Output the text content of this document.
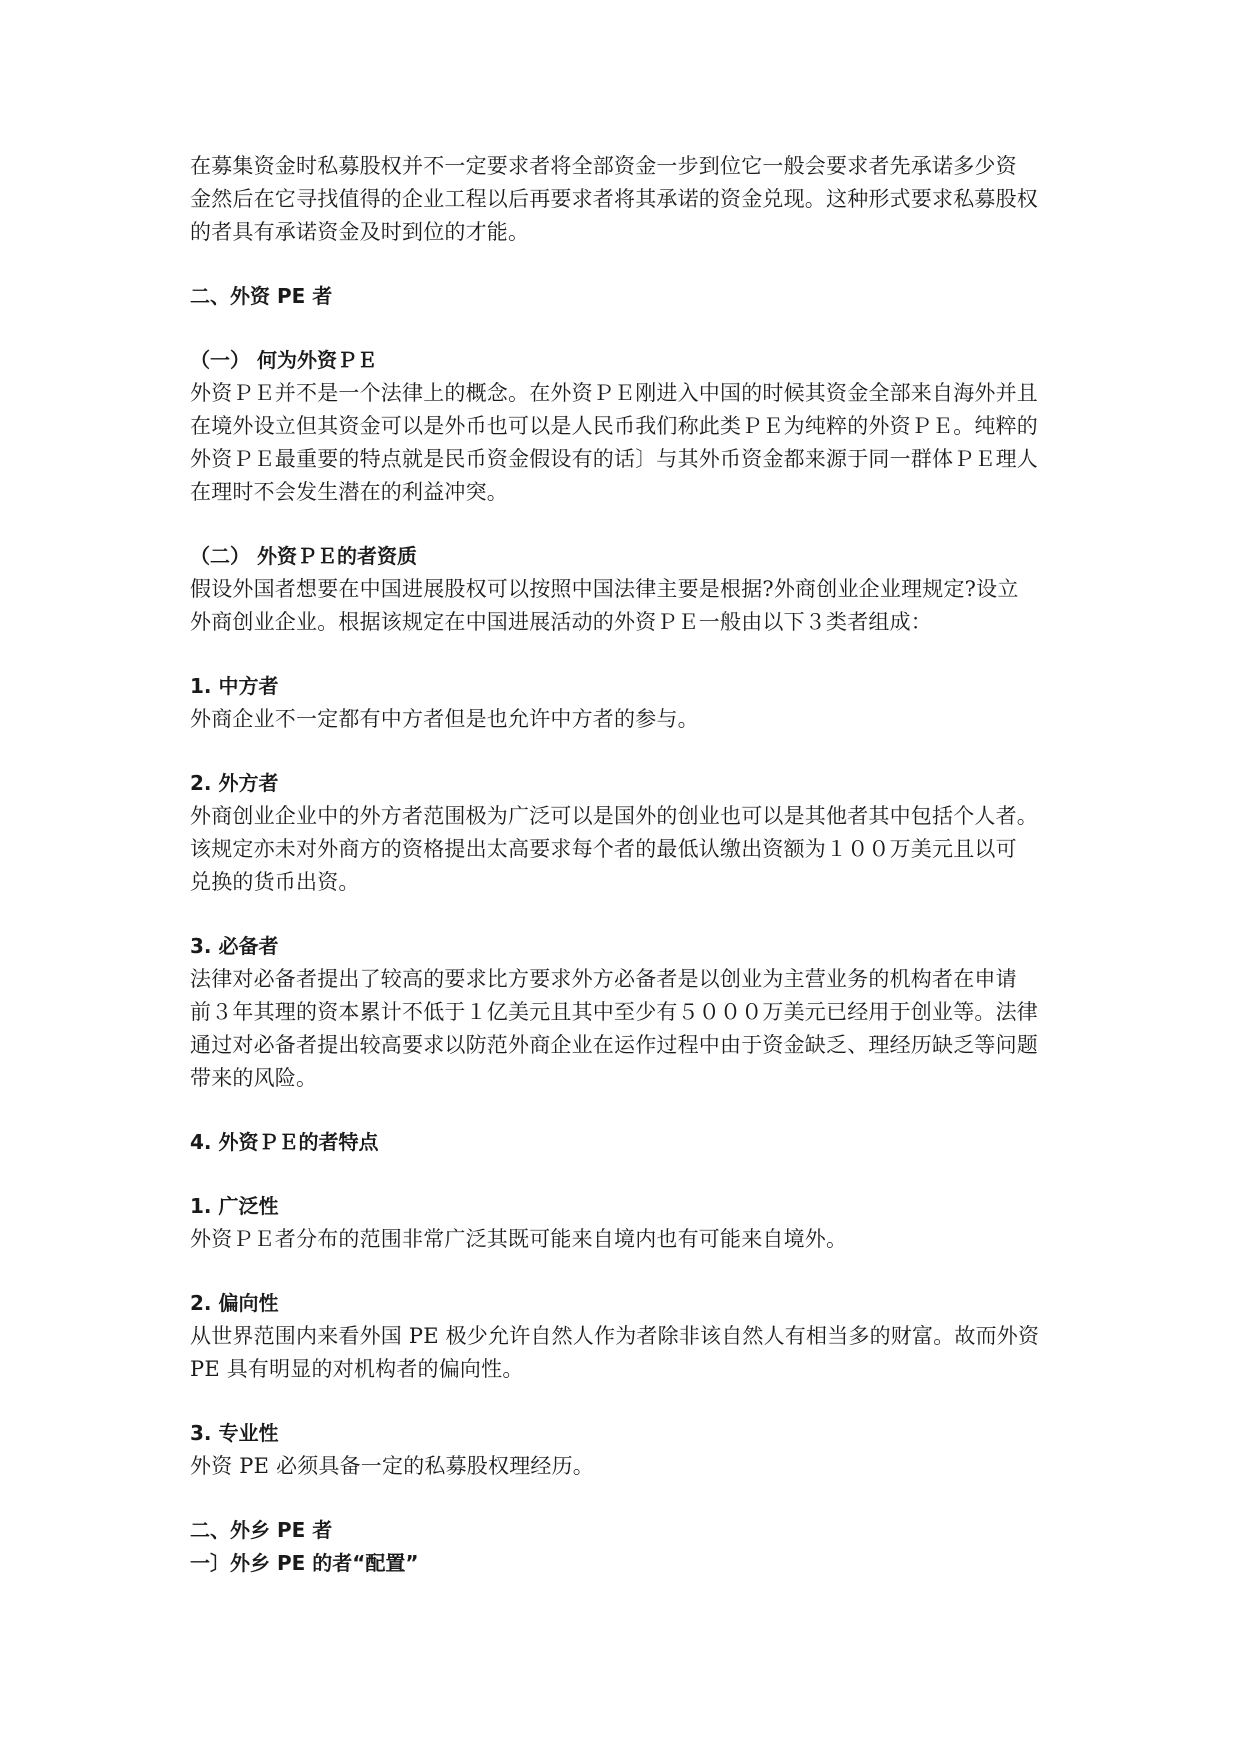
在募集资金时私募股权并不一定要求者将全部资金一步到位它一般会要求者先承诺多少资
金然后在它寻找值得的企业工程以后再要求者将其承诺的资金兑现。这种形式要求私募股权
的者具有承诺资金及时到位的才能。

二、外资 PE 者

（一） 何为外资ＰＥ

外资ＰＥ并不是一个法律上的概念。在外资ＰＥ刚进入中国的时候其资金全部来自海外并且
在境外设立但其资金可以是外币也可以是人民币我们称此类ＰＥ为纯粹的外资ＰＥ。纯粹的
外资ＰＥ最重要的特点就是民币资金假设有的话〕与其外币资金都来源于同一群体ＰＥ理人
在理时不会发生潜在的利益冲突。

（二） 外资ＰＥ的者资质

假设外国者想要在中国进展股权可以按照中国法律主要是根据?外商创业企业理规定?设立
外商创业企业。根据该规定在中国进展活动的外资ＰＥ一般由以下３类者组成：

1. 中方者

外商企业不一定都有中方者但是也允许中方者的参与。

2. 外方者

外商创业企业中的外方者范围极为广泛可以是国外的创业也可以是其他者其中包括个人者。
该规定亦未对外商方的资格提出太高要求每个者的最低认缴出资额为１００万美元且以可
兑换的货币出资。

3. 必备者

法律对必备者提出了较高的要求比方要求外方必备者是以创业为主营业务的机构者在申请
前３年其理的资本累计不低于１亿美元且其中至少有５０００万美元已经用于创业等。法律
通过对必备者提出较高要求以防范外商企业在运作过程中由于资金缺乏、理经历缺乏等问题
带来的风险。

4. 外资ＰＥ的者特点

1. 广泛性

外资ＰＥ者分布的范围非常广泛其既可能来自境内也有可能来自境外。

2. 偏向性

从世界范围内来看外国 PE 极少允许自然人作为者除非该自然人有相当多的财富。故而外资
PE 具有明显的对机构者的偏向性。

3. 专业性

外资 PE 必须具备一定的私募股权理经历。

二、外乡 PE 者

一〕外乡 PE 的者“配置”
